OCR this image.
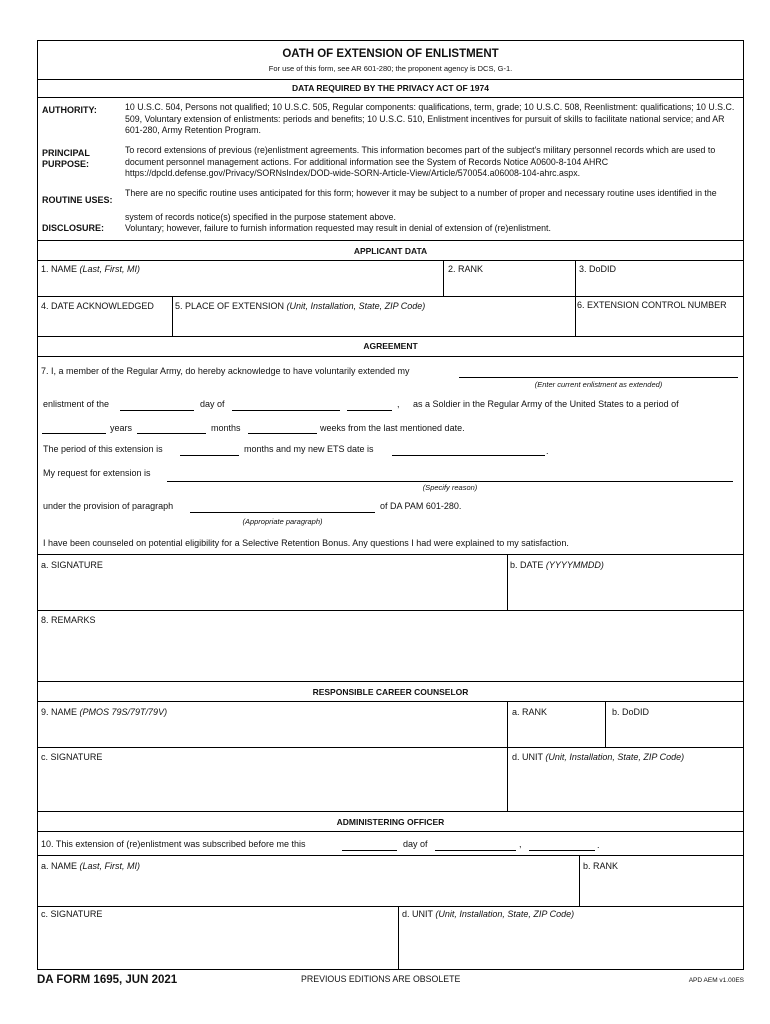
OATH OF EXTENSION OF ENLISTMENT
For use of this form, see AR 601-280; the proponent agency is DCS, G-1.
DATA REQUIRED BY THE PRIVACY ACT OF 1974
AUTHORITY:	10 U.S.C. 504, Persons not qualified; 10 U.S.C. 505, Regular components: qualifications, term, grade; 10 U.S.C. 508, Reenlistment: qualifications; 10 U.S.C. 509, Voluntary extension of enlistments: periods and benefits; 10 U.S.C. 510, Enlistment incentives for pursuit of skills to facilitate national service; and AR 601-280, Army Retention Program.
PRINCIPAL
PURPOSE:
To record extensions of previous (re)enlistment agreements. This information becomes part of the subject's military personnel records which are used to document personnel management actions. For additional information see the System of Records Notice A0600-8-104 AHRC https://dpcld.defense.gov/Privacy/SORNsIndex/DOD-wide-SORN-Article-View/Article/570054.a06008-104-ahrc.aspx.
ROUTINE USES:
There are no specific routine uses anticipated for this form; however it may be subject to a number of proper and necessary routine uses identified in the
system of records notice(s) specified in the purpose statement above.
DISCLOSURE: Voluntary; however, failure to furnish information requested may result in denial of extension of (re)enlistment.
APPLICANT DATA
1. NAME (Last, First, MI)	2. RANK	3. DoDID
4. DATE ACKNOWLEDGED 5. PLACE OF EXTENSION (Unit, Installation, State, ZIP Code)	6. EXTENSION CONTROL NUMBER
AGREEMENT
7. I, a member of the Regular Army, do hereby acknowledge to have voluntarily extended my
(Enter current enlistment as extended)
enlistment of the	day of	, as a Soldier in the Regular Army of the United States to a period of
years	months	weeks from the last mentioned date.
The period of this extension is	months and my new ETS date is	.
My request for extension is
(Specify reason)
under the provision of paragraph	of DA PAM 601-280.
(Appropriate paragraph)
I have been counseled on potential eligibility for a Selective Retention Bonus. Any questions I had were explained to my satisfaction.
a. SIGNATURE	b. DATE (YYYYMMDD)
8. REMARKS
RESPONSIBLE CAREER COUNSELOR
9. NAME (PMOS 79S/79T/79V)	a. RANK	b. DoDID
c. SIGNATURE	d. UNIT (Unit, Installation, State, ZIP Code)
ADMINISTERING OFFICER
10. This extension of (re)enlistment was subscribed before me this	day of	,	.
a. NAME (Last, First, MI)	b. RANK
c. SIGNATURE	d. UNIT (Unit, Installation, State, ZIP Code)
DA FORM 1695, JUN 2021	PREVIOUS EDITIONS ARE OBSOLETE	APD AEM v1.00ES
